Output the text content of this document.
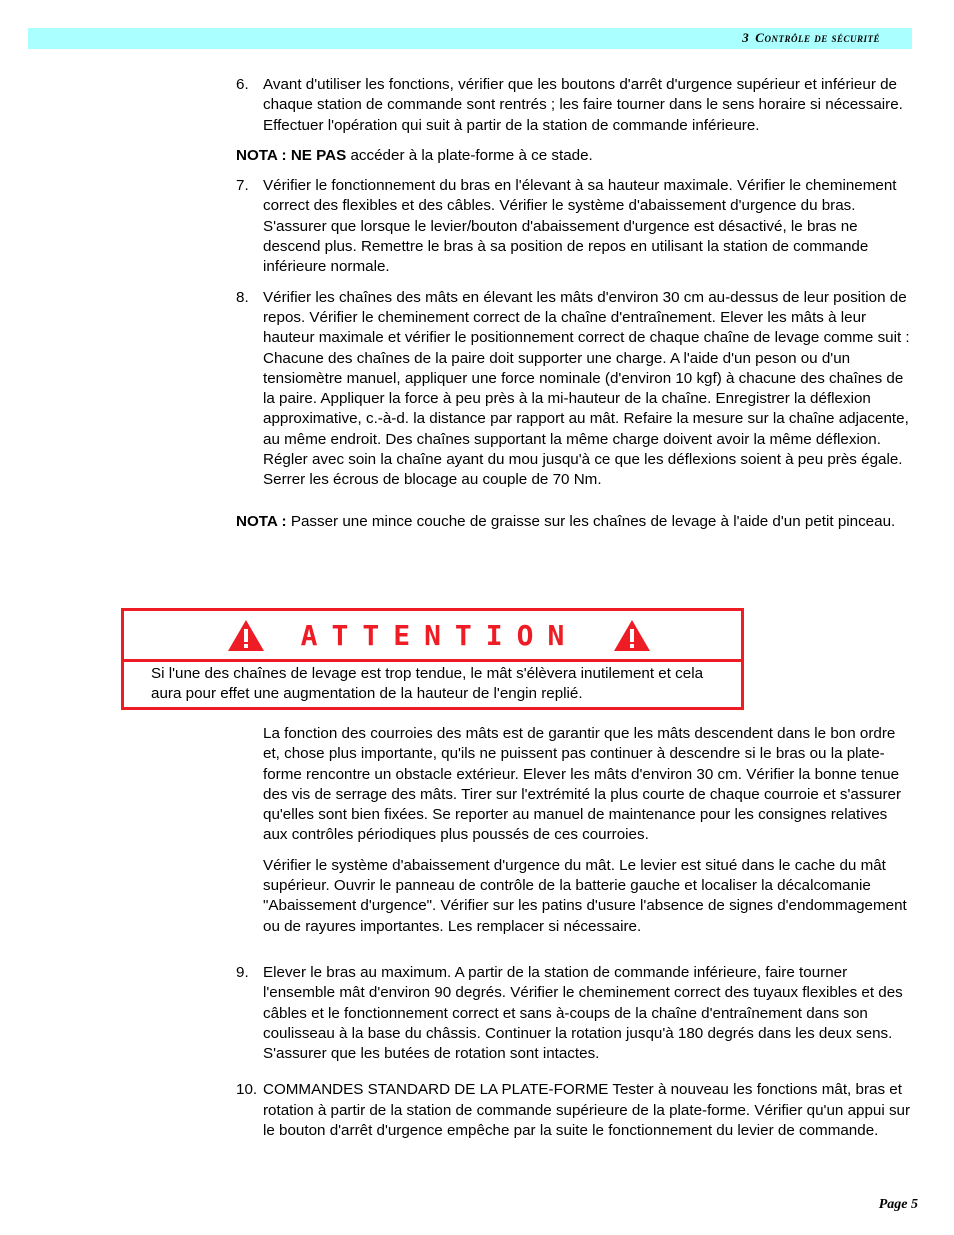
3 Contrôle de sécurité
6. Avant d'utiliser les fonctions, vérifier que les boutons d'arrêt d'urgence supérieur et inférieur de chaque station de commande sont rentrés ; les faire tourner dans le sens horaire si nécessaire. Effectuer l'opération qui suit à partir de la station de commande inférieure.
NOTA : NE PAS accéder à la plate-forme à ce stade.
7. Vérifier le fonctionnement du bras en l'élevant à sa hauteur maximale. Vérifier le cheminement correct des flexibles et des câbles. Vérifier le système d'abaissement d'urgence du bras. S'assurer que lorsque le levier/bouton d'abaissement d'urgence est désactivé, le bras ne descend plus. Remettre le bras à sa position de repos en utilisant la station de commande inférieure normale.
8. Vérifier les chaînes des mâts en élevant les mâts d'environ 30 cm au-dessus de leur position de repos. Vérifier le cheminement correct de la chaîne d'entraînement. Elever les mâts à leur hauteur maximale et vérifier le positionnement correct de chaque chaîne de levage comme suit : Chacune des chaînes de la paire doit supporter une charge. A l'aide d'un peson ou d'un tensiomètre manuel, appliquer une force nominale (d'environ 10 kgf) à chacune des chaînes de la paire. Appliquer la force à peu près à la mi-hauteur de la chaîne. Enregistrer la déflexion approximative, c.-à-d. la distance par rapport au mât. Refaire la mesure sur la chaîne adjacente, au même endroit. Des chaînes supportant la même charge doivent avoir la même déflexion. Régler avec soin la chaîne ayant du mou jusqu'à ce que les déflexions soient à peu près égale. Serrer les écrous de blocage au couple de 70 Nm.
NOTA : Passer une mince couche de graisse sur les chaînes de levage à l'aide d'un petit pinceau.
ATTENTION
Si l'une des chaînes de levage est trop tendue, le mât s'élèvera inutilement et cela aura pour effet une augmentation de la hauteur de l'engin replié.
La fonction des courroies des mâts est de garantir que les mâts descendent dans le bon ordre et, chose plus importante, qu'ils ne puissent pas continuer à descendre si le bras ou la plate-forme rencontre un obstacle extérieur. Elever les mâts d'environ 30 cm. Vérifier la bonne tenue des vis de serrage des mâts. Tirer sur l'extrémité la plus courte de chaque courroie et s'assurer qu'elles sont bien fixées. Se reporter au manuel de maintenance pour les consignes relatives aux contrôles périodiques plus poussés de ces courroies.
Vérifier le système d'abaissement d'urgence du mât. Le levier est situé dans le cache du mât supérieur. Ouvrir le panneau de contrôle de la batterie gauche et localiser la décalcomanie "Abaissement d'urgence". Vérifier sur les patins d'usure l'absence de signes d'endommagement ou de rayures importantes. Les remplacer si nécessaire.
9. Elever le bras au maximum. A partir de la station de commande inférieure, faire tourner l'ensemble mât d'environ 90 degrés. Vérifier le cheminement correct des tuyaux flexibles et des câbles et le fonctionnement correct et sans à-coups de la chaîne d'entraînement dans son coulisseau à la base du châssis. Continuer la rotation jusqu'à 180 degrés dans les deux sens. S'assurer que les butées de rotation sont intactes.
10. COMMANDES STANDARD DE LA PLATE-FORME Tester à nouveau les fonctions mât, bras et rotation à partir de la station de commande supérieure de la plate-forme. Vérifier qu'un appui sur le bouton d'arrêt d'urgence empêche par la suite le fonctionnement du levier de commande.
Page 5
